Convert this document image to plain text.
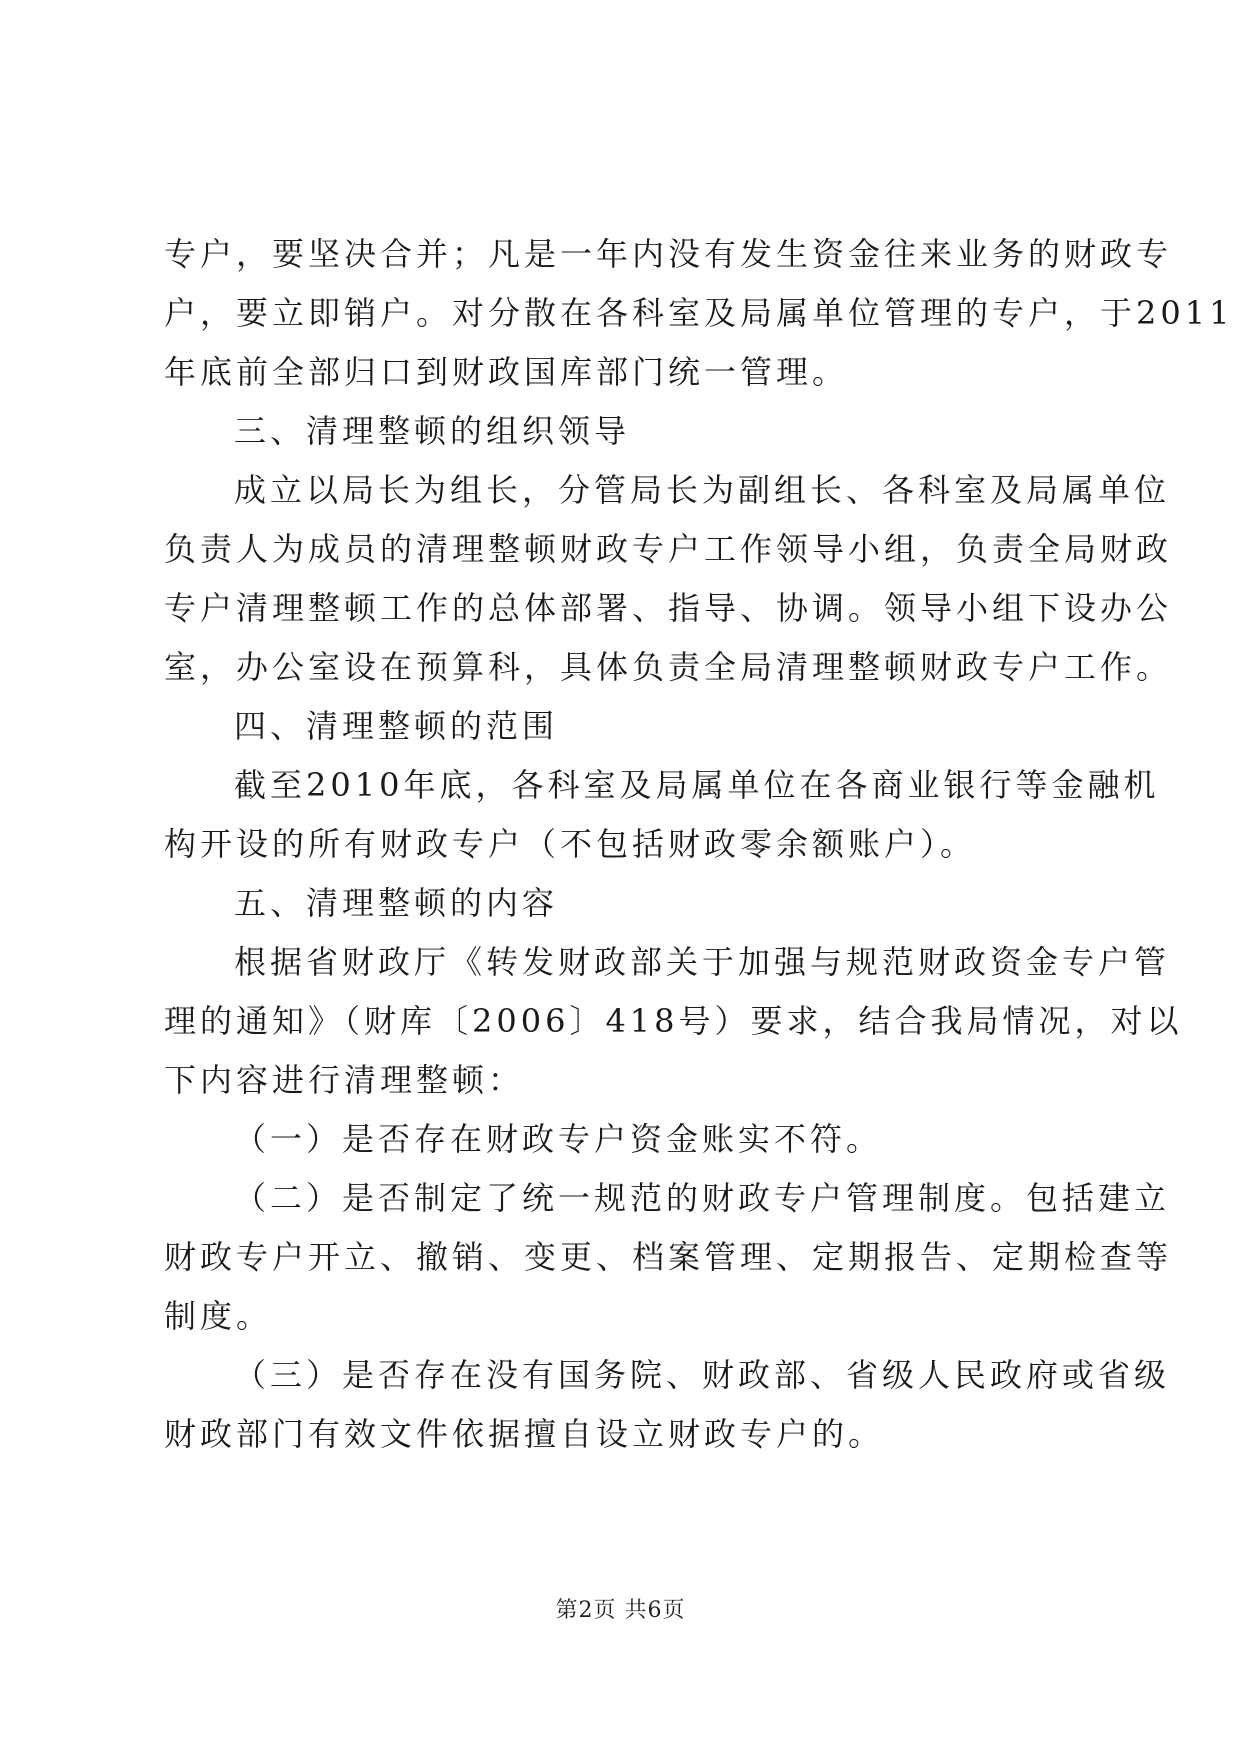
专户，要坚决合并；凡是一年内没有发生资金往来业务的财政专
户，要立即销户。对分散在各科室及局属单位管理的专户，于2011
年底前全部归口到财政国库部门统一管理。
三、清理整顿的组织领导
成立以局长为组长，分管局长为副组长、各科室及局属单位
负责人为成员的清理整顿财政专户工作领导小组，负责全局财政
专户清理整顿工作的总体部署、指导、协调。领导小组下设办公
室，办公室设在预算科，具体负责全局清理整顿财政专户工作。
四、清理整顿的范围
截至2010年底，各科室及局属单位在各商业银行等金融机
构开设的所有财政专户（不包括财政零余额账户）。
五、清理整顿的内容
根据省财政厅《转发财政部关于加强与规范财政资金专户管
理的通知》（财库〔2006〕418号）要求，结合我局情况，对以
下内容进行清理整顿：
（一）是否存在财政专户资金账实不符。
（二）是否制定了统一规范的财政专户管理制度。包括建立
财政专户开立、撤销、变更、档案管理、定期报告、定期检查等
制度。
（三）是否存在没有国务院、财政部、省级人民政府或省级
财政部门有效文件依据擅自设立财政专户的。
第2页 共6页
